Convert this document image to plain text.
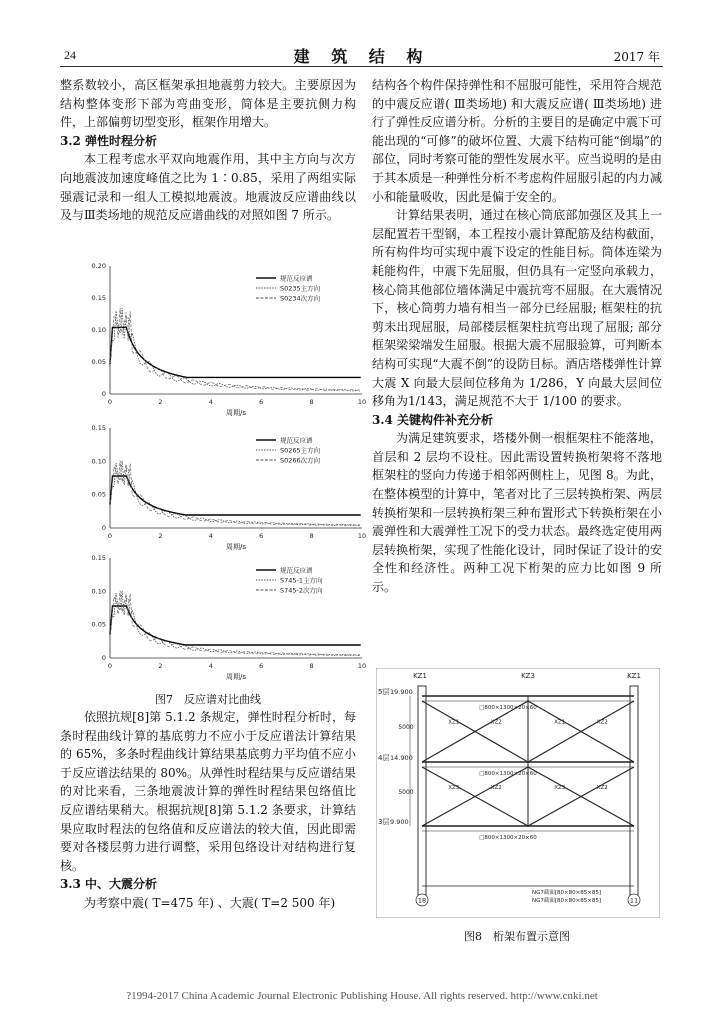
24	建 筑 结 构	2017 年

整系数较小，高区框架承担地震剪力较大。主要原因为结构整体变形下部为弯曲变形，简体是主要抗侧力构件，上部偏剪切型变形，框架作用增大。

3.2 弹性时程分析

本工程考虑水平双向地震作用，其中主方向与次方向地震波加速度峰值之比为 1∶0.85，采用了两组实际强震记录和一组人工模拟地震波。地震波反应谱曲线以及与Ⅲ类场地的规范反应谱曲线的对照如图 7 所示。

0.20
0.15
0.10
0.05
0
0	2	4	6	8	10
周期/s
规范反应谱
S0235主方向
S0234次方向
0.15
0.10
0.05
0
0	2	4	6	8	10
周期/s
规范反应谱
S0265主方向
S0266次方向
0.15
0.10
0.05
0
0	2	4	6	8	10
周期/s
规范反应谱
S745-1主方向
S745-2次方向
图7　反应谱对比曲线

依照抗规[8]第 5.1.2 条规定，弹性时程分析时，每条时程曲线计算的基底剪力不应小于反应谱法计算结果的 65%，多条时程曲线计算结果基底剪力平均值不应小于反应谱法结果的 80%。从弹性时程结果与反应谱结果的对比来看，三条地震波计算的弹性时程结果包络值比反应谱结果稍大。根据抗规[8]第 5.1.2 条要求，计算结果应取时程法的包络值和反应谱法的较大值，因此即需要对各楼层剪力进行调整，采用包络设计对结构进行复核。

3.3 中、大震分析

为考察中震( T=475 年) 、大震( T=2 500 年)

结构各个构件保持弹性和不屈服可能性，采用符合规范的中震反应谱( Ⅲ类场地) 和大震反应谱( Ⅲ类场地) 进行了弹性反应谱分析。分析的主要目的是确定中震下可能出现的“可修”的破坏位置、大震下结构可能“倒塌”的部位，同时考察可能的塑性发展水平。应当说明的是由于其本质是一种弹性分析不考虑构件屈服引起的内力减小和能量吸收，因此是偏于安全的。

计算结果表明，通过在核心筒底部加强区及其上一层配置若干型钢，本工程按小震计算配筋及结构截面，所有构件均可实现中震下设定的性能目标。筒体连梁为耗能构件，中震下先屈服，但仍具有一定竖向承载力，核心筒其他部位墙体满足中震抗弯不屈服。在大震情况下，核心筒剪力墙有相当一部分已经屈服; 框架柱的抗剪未出现屈服，局部楼层框架柱抗弯出现了屈服; 部分框架梁梁端发生屈服。根据大震不屈服验算，可判断本结构可实现“大震不倒”的设防目标。酒店塔楼弹性计算大震 X 向最大层间位移角为 1/286，Y 向最大层间位移角为1/143，满足规范不大于 1/100 的要求。

3.4 关键构件补充分析

为满足建筑要求，塔楼外侧一根框架柱不能落地，首层和 2 层均不设柱。因此需设置转换桁架将不落地框架柱的竖向力传递于相邻两侧柱上，见图 8。为此，在整体模型的计算中，笔者对比了三层转换桁架、两层转换桁架和一层转换桁架三种布置形式下转换桁架在小震弹性和大震弹性工况下的受力状态。最终选定使用两层转换桁架，实现了性能化设计，同时保证了设计的安全性和经济性。两种工况下桁架的应力比如图 9 所示。

KZ1	KZ3	KZ1
5层 19.900
□800×1300×20×60
4层 14.900
□800×1300×20×60
3层 9.900
□800×1300×20×60
XZ1	XZ2	XZ1	XZ2
XZ3	XZ2	XZ3	XZ2
5000
5000
NG7截面[80×80×85×85]
NG7截面[80×80×85×85]
18	11
图8　桁架布置示意图
?1994-2017 China Academic Journal Electronic Publishing House. All rights reserved. http://www.cnki.net
